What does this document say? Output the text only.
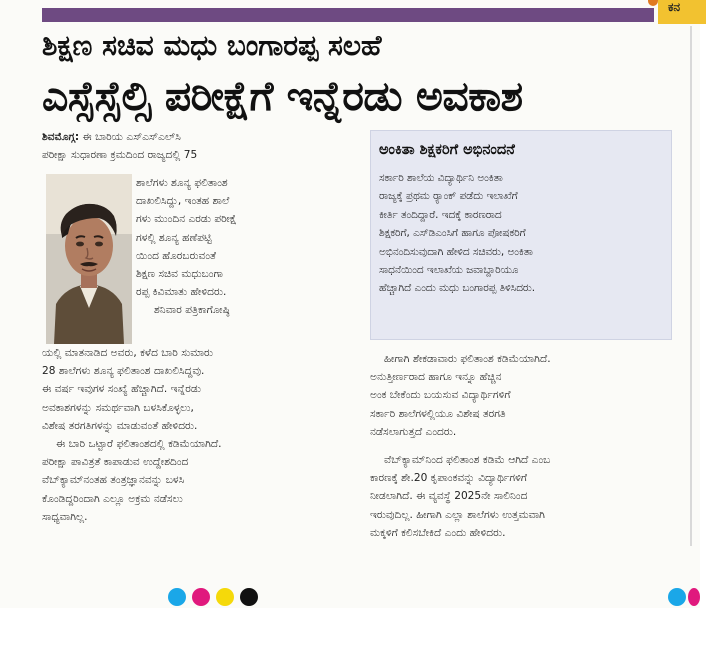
ಕನ
ಶಿಕ್ಷಣ ಸಚಿವ ಮಧು ಬಂಗಾರಪ್ಪ ಸಲಹೆ
ಎಸ್ಸೆಸ್ಸೆಲ್ಸಿ ಪರೀಕ್ಷೆಗೆ ಇನ್ನೆರಡು ಅವಕಾಶ
ಶಿವಮೊಗ್ಗ: ಈ ಬಾರಿಯ ಎಸ್‌ಎಸ್‌ಎಲ್‌ಸಿ
ಪರೀಕ್ಷಾ ಸುಧಾರಣಾ ಕ್ರಮದಿಂದ ರಾಜ್ಯದಲ್ಲಿ 75
ಶಾಲೆಗಳು ಶೂನ್ಯ ಫಲಿತಾಂಶ
ದಾಖಲಿಸಿದ್ದು, ಇಂತಹ ಶಾಲೆ
ಗಳು ಮುಂದಿನ ಎರಡು ಪರೀಕ್ಷೆ
ಗಳಲ್ಲಿ ಶೂನ್ಯ ಹಣೆಪಟ್ಟಿ
ಯಿಂದ ಹೊರಬರುವಂತೆ
ಶಿಕ್ಷಣ ಸಚಿವ ಮಧುಬಂಗಾ
ರಪ್ಪ ಕಿವಿಮಾತು ಹೇಳಿದರು.
ಶನಿವಾರ ಪತ್ರಿಕಾಗೋಷ್ಠಿ
ಯಲ್ಲಿ ಮಾತನಾಡಿದ ಅವರು, ಕಳೆದ ಬಾರಿ ಸುಮಾರು
28 ಶಾಲೆಗಳು ಶೂನ್ಯ ಫಲಿತಾಂಶ ದಾಖಲಿಸಿದ್ದವು.
ಈ ವರ್ಷ ಇವುಗಳ ಸಂಖ್ಯೆ ಹೆಚ್ಚಾಗಿದೆ. ಇನ್ನೆರಡು
ಅವಕಾಶಗಳನ್ನು ಸಮರ್ಥವಾಗಿ ಬಳಸಿಕೊಳ್ಳಲು,
ವಿಶೇಷ ತರಗತಿಗಳನ್ನು ಮಾಡುವಂತೆ ಹೇಳಿದರು.
ಈ ಬಾರಿ ಒಟ್ಟಾರೆ ಫಲಿತಾಂಶದಲ್ಲಿ ಕಡಿಮೆಯಾಗಿದೆ.
ಪರೀಕ್ಷಾ ಪಾವಿತ್ರತೆ ಕಾಪಾಡುವ ಉದ್ದೇಶದಿಂದ
ವೆಬ್‌ಕ್ಯಾಮ್‌ನಂತಹ ತಂತ್ರಜ್ಞಾನವನ್ನು ಬಳಸಿ
ಕೊಂಡಿದ್ದರಿಂದಾಗಿ ಎಲ್ಲೂ ಅಕ್ರಮ ನಡೆಸಲು
ಸಾಧ್ಯವಾಗಿಲ್ಲ.
ಅಂಕಿತಾ ಶಿಕ್ಷಕರಿಗೆ ಅಭಿನಂದನೆ
ಸರ್ಕಾರಿ ಶಾಲೆಯ ವಿದ್ಯಾರ್ಥಿನಿ ಅಂಕಿತಾ
ರಾಜ್ಯಕ್ಕೆ ಪ್ರಥಮ ರ‍್ಯಾಂಕ್ ಪಡೆದು ಇಲಾಖೆಗೆ
ಕೀರ್ತಿ ತಂದಿದ್ದಾರೆ. ಇದಕ್ಕೆ ಕಾರಣರಾದ
ಶಿಕ್ಷಕರಿಗೆ, ಎಸ್‌ಡಿಎಂಸಿಗೆ ಹಾಗೂ ಪೋಷಕರಿಗೆ
ಅಭಿನಂದಿಸುವುದಾಗಿ ಹೇಳಿದ ಸಚಿವರು, ಅಂಕಿತಾ
ಸಾಧನೆಯಿಂದ ಇಲಾಖೆಯ ಜವಾಬ್ದಾರಿಯೂ
ಹೆಚ್ಚಾಗಿದೆ ಎಂದು ಮಧು ಬಂಗಾರಪ್ಪ ತಿಳಿಸಿದರು.
ಹೀಗಾಗಿ ಶೇಕಡಾವಾರು ಫಲಿತಾಂಶ ಕಡಿಮೆಯಾಗಿದೆ.
ಅನುತ್ತೀರ್ಣರಾದ ಹಾಗೂ ಇನ್ನೂ ಹೆಚ್ಚಿನ
ಅಂಕ ಬೇಕೆಂದು ಬಯಸುವ ವಿದ್ಯಾರ್ಥಿಗಳಿಗೆ
ಸರ್ಕಾರಿ ಶಾಲೆಗಳಲ್ಲಿಯೂ ವಿಶೇಷ ತರಗತಿ
ನಡೆಸಲಾಗುತ್ತದೆ ಎಂದರು.
ವೆಬ್‌ಕ್ಯಾಮ್‌ನಿಂದ ಫಲಿತಾಂಶ ಕಡಿಮೆ ಆಗಿದೆ ಎಂಬ
ಕಾರಣಕ್ಕೆ ಶೇ.20 ಕೃಪಾಂಕವನ್ನು ವಿದ್ಯಾರ್ಥಿಗಳಿಗೆ
ನೀಡಲಾಗಿದೆ. ಈ ವ್ಯವಸ್ಥೆ 2025ನೇ ಸಾಲಿನಿಂದ
ಇರುವುದಿಲ್ಲ. ಹೀಗಾಗಿ ಎಲ್ಲಾ ಶಾಲೆಗಳು ಉತ್ತಮವಾಗಿ
ಮಕ್ಕಳಿಗೆ ಕಲಿಸಬೇಕಿದೆ ಎಂದು ಹೇಳಿದರು.
